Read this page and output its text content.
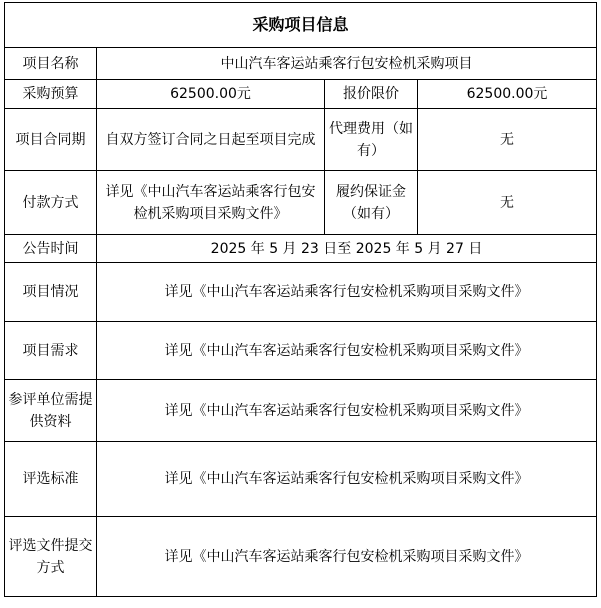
采购项目信息			
项目名称	中山汽车客运站乘客行包安检机采购项目		
采购预算	62500.00元	报价限价	62500.00元
项目合同期	自双方签订合同之日起至项目完成	代理费用（如有）	无
付款方式	详见《中山汽车客运站乘客行包安检机采购项目采购文件》	履约保证金（如有）	无
公告时间	2025 年 5 月 23 日至 2025 年 5 月 27 日		
项目情况	详见《中山汽车客运站乘客行包安检机采购项目采购文件》		
项目需求	详见《中山汽车客运站乘客行包安检机采购项目采购文件》		
参评单位需提供资料	详见《中山汽车客运站乘客行包安检机采购项目采购文件》		
评选标准	详见《中山汽车客运站乘客行包安检机采购项目采购文件》		
评选文件提交方式	详见《中山汽车客运站乘客行包安检机采购项目采购文件》		
